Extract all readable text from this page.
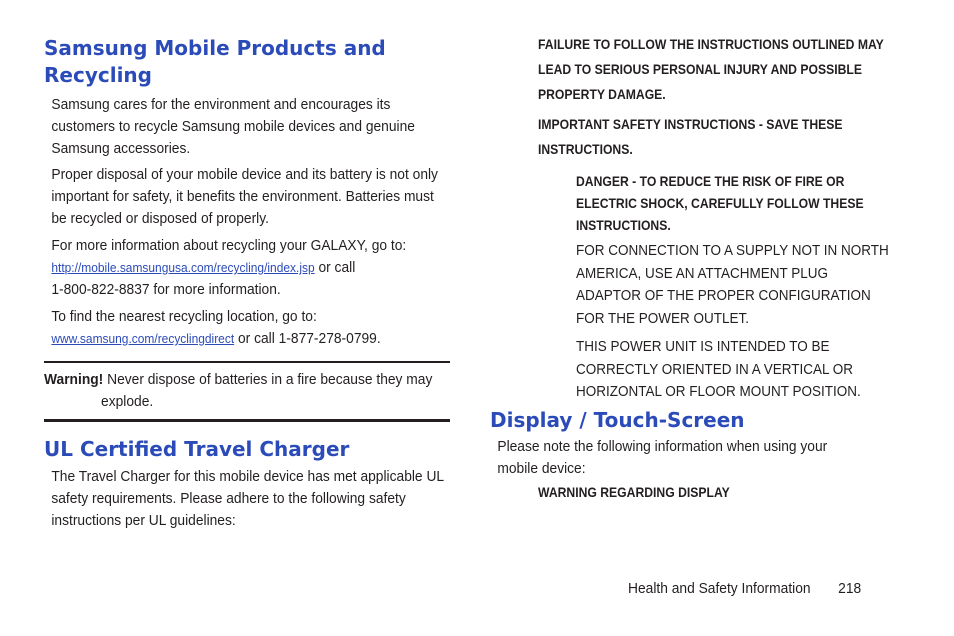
Samsung Mobile Products and Recycling

Samsung cares for the environment and encourages its customers to recycle Samsung mobile devices and genuine Samsung accessories.

Proper disposal of your mobile device and its battery is not only important for safety, it benefits the environment. Batteries must be recycled or disposed of properly.

For more information about recycling your GALAXY, go to:
http://mobile.samsungusa.com/recycling/index.jsp or call
1-800-822-8837 for more information.

To find the nearest recycling location, go to:
www.samsung.com/recyclingdirect or call 1-877-278-0799.

Warning! Never dispose of batteries in a fire because they may
explode.

UL Certified Travel Charger

The Travel Charger for this mobile device has met applicable UL safety requirements. Please adhere to the following safety instructions per UL guidelines:

FAILURE TO FOLLOW THE INSTRUCTIONS OUTLINED MAY LEAD TO SERIOUS PERSONAL INJURY AND POSSIBLE PROPERTY DAMAGE.

IMPORTANT SAFETY INSTRUCTIONS - SAVE THESE INSTRUCTIONS.

DANGER - TO REDUCE THE RISK OF FIRE OR ELECTRIC SHOCK, CAREFULLY FOLLOW THESE INSTRUCTIONS.

FOR CONNECTION TO A SUPPLY NOT IN NORTH AMERICA, USE AN ATTACHMENT PLUG ADAPTOR OF THE PROPER CONFIGURATION FOR THE POWER OUTLET.

THIS POWER UNIT IS INTENDED TO BE CORRECTLY ORIENTED IN A VERTICAL OR HORIZONTAL OR FLOOR MOUNT POSITION.

Display / Touch-Screen

Please note the following information when using your mobile device:

WARNING REGARDING DISPLAY

Health and Safety Information 218
